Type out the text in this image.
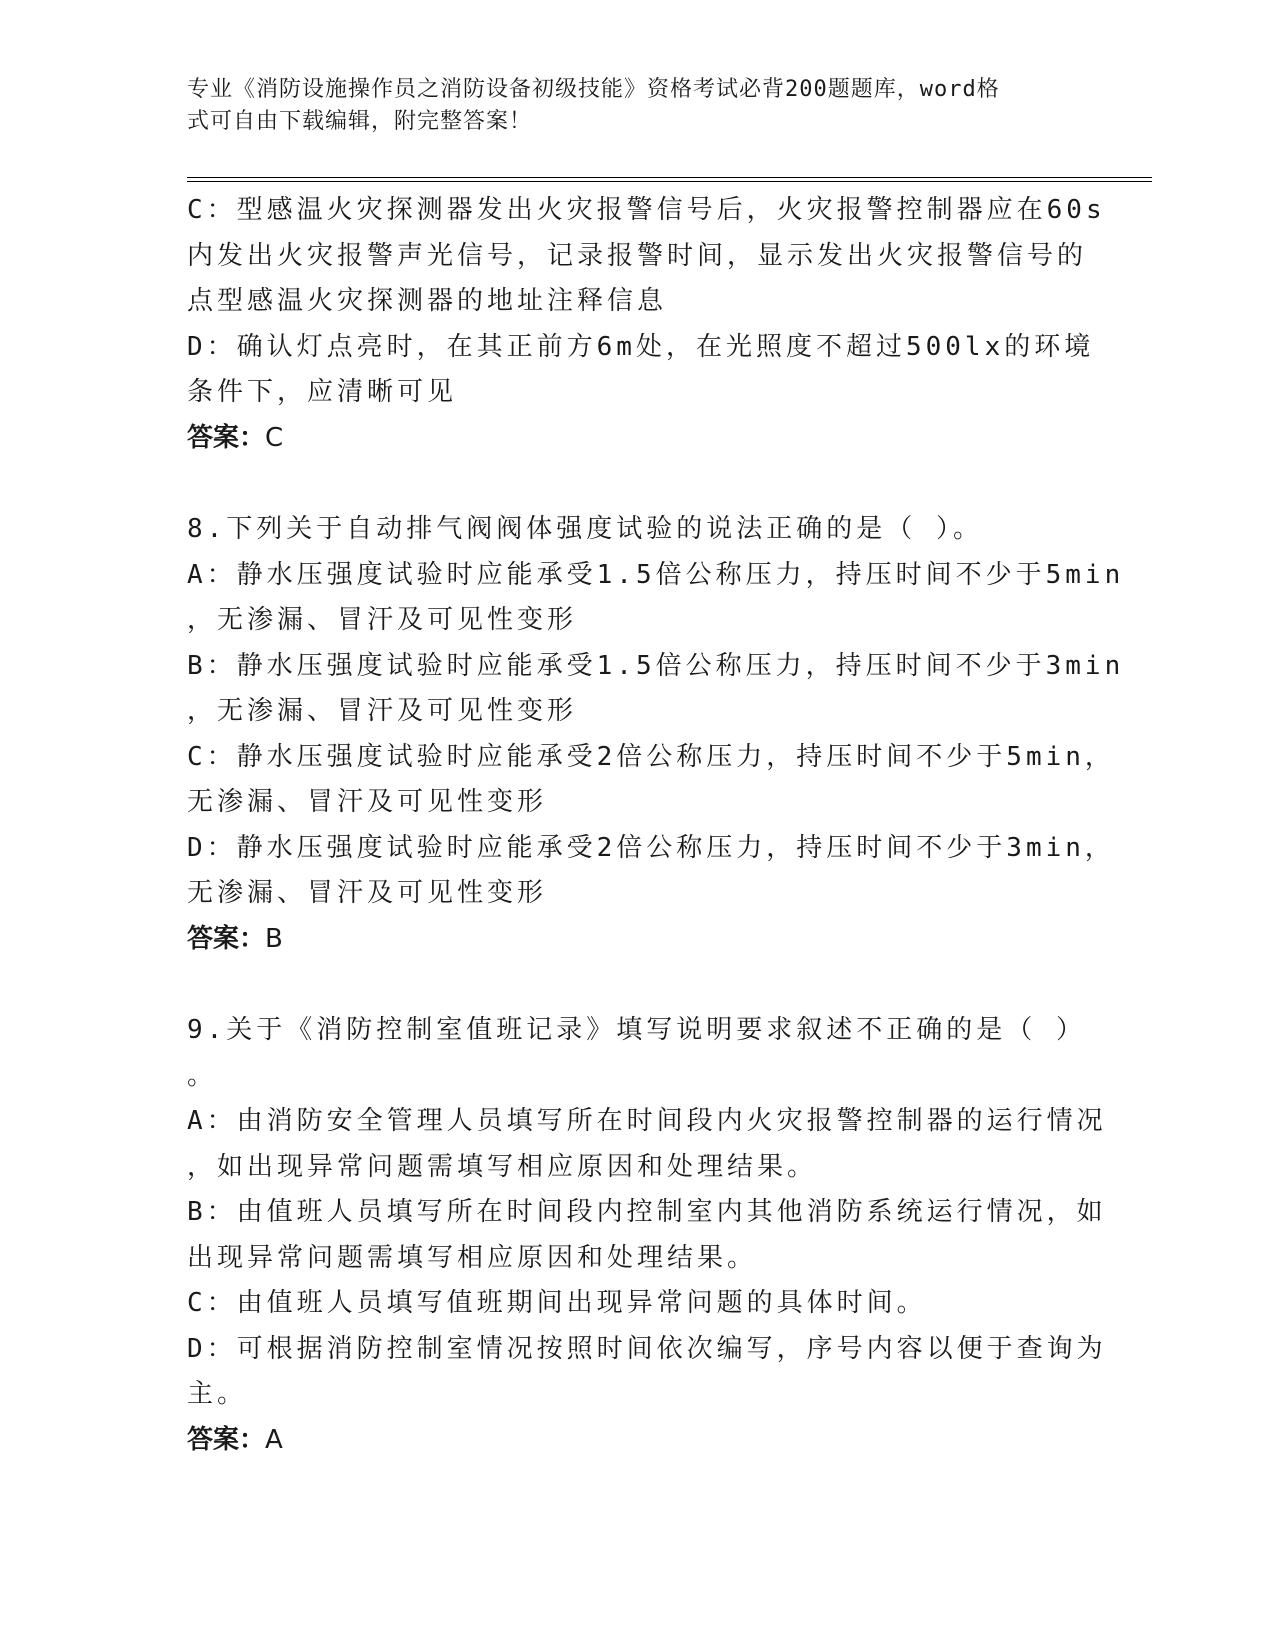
专业《消防设施操作员之消防设备初级技能》资格考试必背200题题库，word格
式可自由下载编辑，附完整答案！
C：型感温火灾探测器发出火灾报警信号后，火灾报警控制器应在60s
内发出火灾报警声光信号，记录报警时间，显示发出火灾报警信号的
点型感温火灾探测器的地址注释信息
D：确认灯点亮时，在其正前方6m处，在光照度不超过500lx的环境
条件下，应清晰可见
答案：C
8.下列关于自动排气阀阀体强度试验的说法正确的是（ ）。
A：静水压强度试验时应能承受1.5倍公称压力，持压时间不少于5min
，无渗漏、冒汗及可见性变形
B：静水压强度试验时应能承受1.5倍公称压力，持压时间不少于3min
，无渗漏、冒汗及可见性变形
C：静水压强度试验时应能承受2倍公称压力，持压时间不少于5min，
无渗漏、冒汗及可见性变形
D：静水压强度试验时应能承受2倍公称压力，持压时间不少于3min，
无渗漏、冒汗及可见性变形
答案：B
9.关于《消防控制室值班记录》填写说明要求叙述不正确的是（ ）
。
A：由消防安全管理人员填写所在时间段内火灾报警控制器的运行情况
，如出现异常问题需填写相应原因和处理结果。
B：由值班人员填写所在时间段内控制室内其他消防系统运行情况，如
出现异常问题需填写相应原因和处理结果。
C：由值班人员填写值班期间出现异常问题的具体时间。
D：可根据消防控制室情况按照时间依次编写，序号内容以便于查询为
主。
答案：A
